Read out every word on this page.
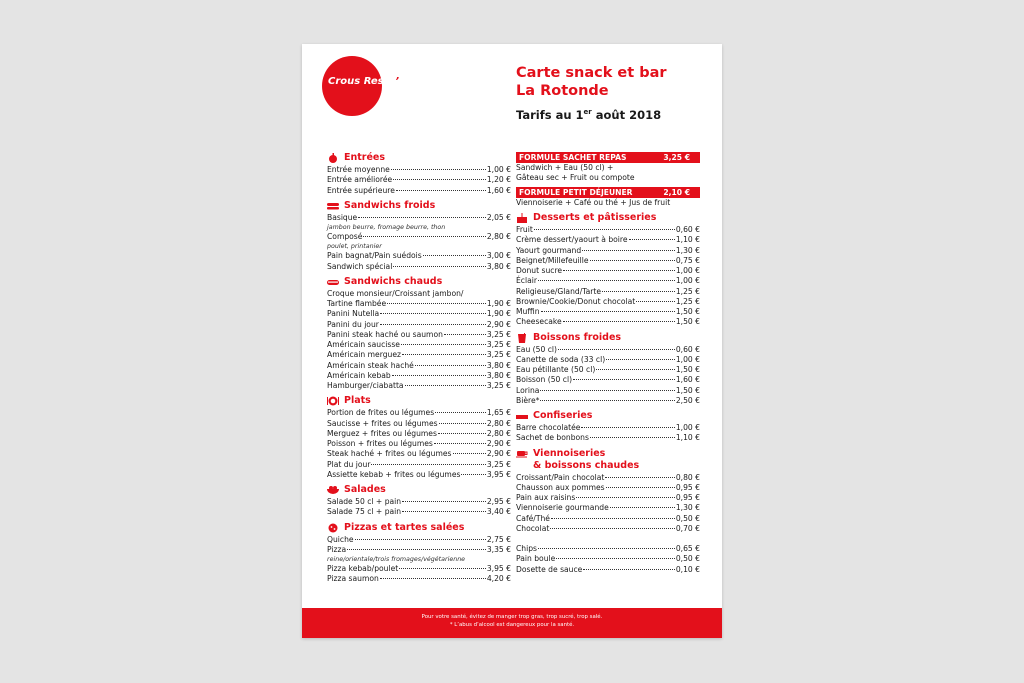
Crous Resto’
Carte snack et bar
La Rotonde
Tarifs au 1er août 2018
Entrées
Entrée moyenne	1,00 €
Entrée améliorée	1,20 €
Entrée supérieure	1,60 €
Sandwichs froids
Basique	2,05 €
jambon beurre, fromage beurre, thon
Composé	2,80 €
poulet, printanier
Pain bagnat/Pain suédois	3,00 €
Sandwich spécial	3,80 €
Sandwichs chauds
Croque monsieur/Croissant jambon/
Tartine flambée	1,90 €
Panini Nutella	1,90 €
Panini du jour	2,90 €
Panini steak haché ou saumon	3,25 €
Américain saucisse	3,25 €
Américain merguez	3,25 €
Américain steak haché	3,80 €
Américain kebab	3,80 €
Hamburger/ciabatta	3,25 €
Plats
Portion de frites ou légumes	1,65 €
Saucisse + frites ou légumes	2,80 €
Merguez + frites ou légumes	2,80 €
Poisson + frites ou légumes	2,90 €
Steak haché + frites ou légumes	2,90 €
Plat du jour	3,25 €
Assiette kebab + frites ou légumes	3,95 €
Salades
Salade 50 cl + pain	2,95 €
Salade 75 cl + pain	3,40 €
Pizzas et tartes salées
Quiche	2,75 €
Pizza	3,35 €
reine/orientale/trois fromages/végétarienne
Pizza kebab/poulet	3,95 €
Pizza saumon	4,20 €
FORMULE SACHET REPAS	3,25 €
Sandwich + Eau (50 cl) +
Gâteau sec + Fruit ou compote
FORMULE PETIT DÉJEUNER	2,10 €
Viennoiserie + Café ou thé + Jus de fruit
Desserts et pâtisseries
Fruit	0,60 €
Crème dessert/yaourt à boire	1,10 €
Yaourt gourmand	1,30 €
Beignet/Millefeuille	0,75 €
Donut sucre	1,00 €
Éclair	1,00 €
Religieuse/Gland/Tarte	1,25 €
Brownie/Cookie/Donut chocolat	1,25 €
Muffin	1,50 €
Cheesecake	1,50 €
Boissons froides
Eau (50 cl)	0,60 €
Canette de soda (33 cl)	1,00 €
Eau pétillante (50 cl)	1,50 €
Boisson (50 cl)	1,60 €
Lorina	1,50 €
Bière*	2,50 €
Confiseries
Barre chocolatée	1,00 €
Sachet de bonbons	1,10 €
Viennoiseries
& boissons chaudes
Croissant/Pain chocolat	0,80 €
Chausson aux pommes	0,95 €
Pain aux raisins	0,95 €
Viennoiserie gourmande	1,30 €
Café/Thé	0,50 €
Chocolat	0,70 €
Chips	0,65 €
Pain boule	0,50 €
Dosette de sauce	0,10 €
Pour votre santé, évitez de manger trop gras, trop sucré, trop salé.
* L’abus d’alcool est dangereux pour la santé.
